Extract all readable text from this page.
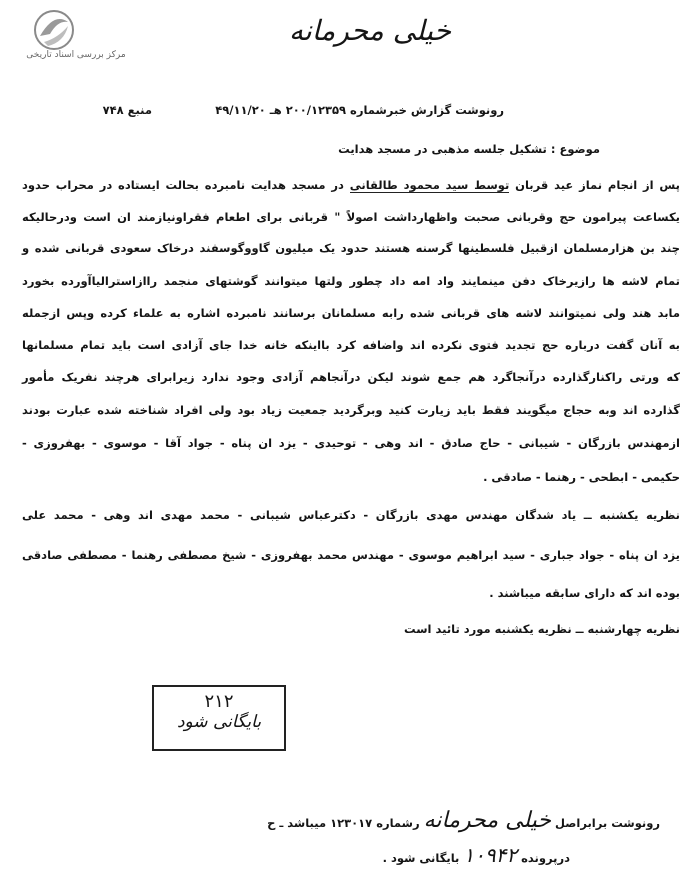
مرکز بررسی اسناد تاریخی
خیلی محرمانه
رونوشت گزارش خبرشماره ۲۰۰/۱۲۳۵۹ هـ ۴۹/۱۱/۲۰
منبع ۷۴۸
موضوع : تشکیل جلسه مذهبی در مسجد هدایت
پس از انجام نماز عید قربان توسط سید محمود طالقانی در مسجد هدایت نامبرده بحالت ایستاده در محراب حدود
یکساعت پیرامون حج وقربانی صحبت واظهارداشت اصولاً " قربانی برای اطعام فقراونیازمند ان است ودرحالیکه
چند بن هزارمسلمان ازقبیل فلسطینها گرسنه هستند حدود یک میلیون گاووگوسفند درخاک سعودی قربانی شده و
تمام لاشه ها رازیرخاک دفن مینمایند واد امه داد چطور ولتها میتوانند گوشتهای منجمد راازاسترالیاآورده بخورد
مابد هند ولی نمیتوانند لاشه های قربانی شده رابه مسلمانان برسانند نامبرده اشاره به علماء کرده وپس ازجمله
به آنان گفت درباره حج تجدید فتوی نکرده اند واضافه کرد بااینکه خانه خدا جای آزادی است باید تمام مسلمانها
که ورتی راکنارگذارده درآنجاگرد هم جمع شوند لیکن درآنجاهم آزادی وجود ندارد زیرابرای هرچند نفریک مأمور
گذارده اند وبه حجاج میگویند فقط باید زیارت کنید وبرگردید جمعیت زیاد بود ولی افراد شناخته شده عبارت بودند
ازمهندس بازرگان - شیبانی - حاج صادق - اند وهی - توحیدی - یزد ان پناه - جواد آقا - موسوی - بهفروزی -
حکیمی - ابطحی - رهنما - صادقی .
نظریه یکشنبه ــ یاد شدگان مهندس مهدی بازرگان - دکترعباس شیبانی - محمد مهدی اند وهی - محمد علی
یزد ان پناه - جواد جباری - سید ابراهیم موسوی - مهندس محمد بهفروزی - شیخ مصطفی رهنما - مصطفی صادقی
بوده اند که دارای سابقه میباشند .
نظریه چهارشنبه ــ نظریه یکشنبه مورد تائید است
۲۱۲
بایگانی شود
رونوشت برابراصل خیلی محرمانه رشماره ۱۲۳۰۱۷ میباشد ـ ح
درپرونده ۱۰۹۴۲ بایگانی شود .
